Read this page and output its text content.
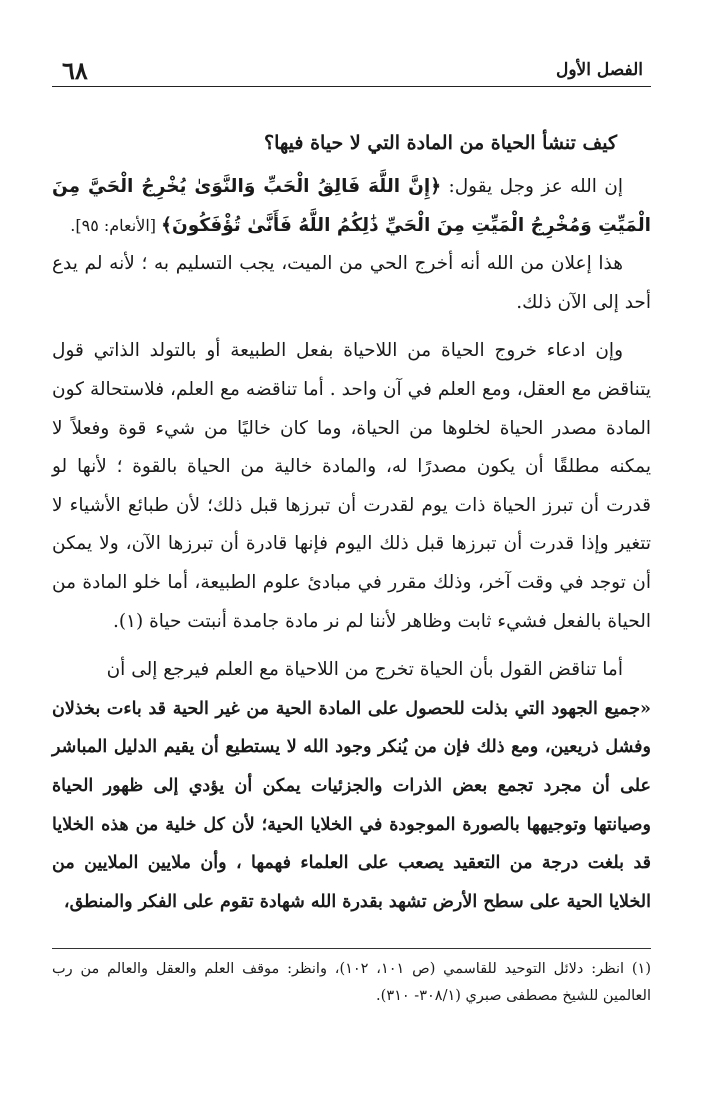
٦٨	الفصل الأول
كيف تنشأ الحياة من المادة التي لا حياة فيها؟

إن الله عز وجل يقول: ﴿إِنَّ اللَّهَ فَالِقُ الْحَبِّ وَالنَّوَىٰ يُخْرِجُ الْحَيَّ مِنَ الْمَيِّتِ وَمُخْرِجُ الْمَيِّتِ مِنَ الْحَيِّ ذَٰلِكُمُ اللَّهُ فَأَنَّىٰ تُؤْفَكُونَ﴾ [الأنعام: ٩٥].

هذا إعلان من الله أنه أخرج الحي من الميت، يجب التسليم به ؛ لأنه لم يدع أحد إلى الآن ذلك.

وإن ادعاء خروج الحياة من اللاحياة بفعل الطبيعة أو بالتولد الذاتي قول يتناقض مع العقل، ومع العلم في آن واحد . أما تناقضه مع العلم، فلاستحالة كون المادة مصدر الحياة لخلوها من الحياة، وما كان خاليًا من شيء قوة وفعلاً لا يمكنه مطلقًا أن يكون مصدرًا له، والمادة خالية من الحياة بالقوة ؛ لأنها لو قدرت أن تبرز الحياة ذات يوم لقدرت أن تبرزها قبل ذلك؛ لأن طبائع الأشياء لا تتغير وإذا قدرت أن تبرزها قبل ذلك اليوم فإنها قادرة أن تبرزها الآن، ولا يمكن أن توجد في وقت آخر، وذلك مقرر في مبادئ علوم الطبيعة، أما خلو المادة من الحياة بالفعل فشيء ثابت وظاهر لأننا لم نر مادة جامدة أنبتت حياة (١).

أما تناقض القول بأن الحياة تخرج من اللاحياة مع العلم فيرجع إلى أن
«جميع الجهود التي بذلت للحصول على المادة الحية من غير الحية قد باءت بخذلان وفشل ذريعين، ومع ذلك فإن من يُنكر وجود الله لا يستطيع أن يقيم الدليل المباشر على أن مجرد تجمع بعض الذرات والجزئيات يمكن أن يؤدي إلى ظهور الحياة وصيانتها وتوجيهها بالصورة الموجودة في الخلايا الحية؛ لأن كل خلية من هذه الخلايا قد بلغت درجة من التعقيد يصعب على العلماء فهمها ، وأن ملايين الملايين من الخلايا الحية على سطح الأرض تشهد بقدرة الله شهادة تقوم على الفكر والمنطق،

(١) انظر: دلائل التوحيد للقاسمي (ص ١٠١، ١٠٢)، وانظر: موقف العلم والعقل والعالم من رب العالمين للشيخ مصطفى صبري (٣٠٨/١- ٣١٠).
